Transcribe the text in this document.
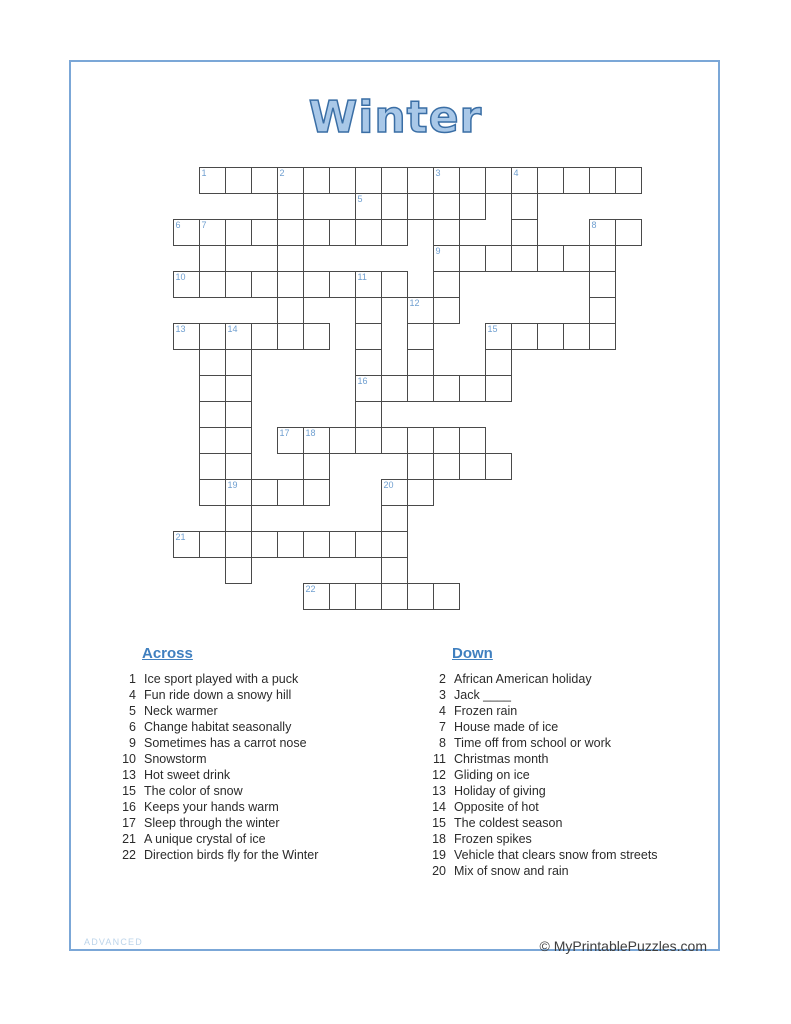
Winter

	1			2						3			4								

							5														

6	7															8					

										9											

10							11														

									12												

13		14										15									

							16														

				17	18																

		19						20													

21																					

					22																

Across
1 Ice sport played with a puck
4 Fun ride down a snowy hill
5 Neck warmer
6 Change habitat seasonally
9 Sometimes has a carrot nose
10 Snowstorm
13 Hot sweet drink
15 The color of snow
16 Keeps your hands warm
17 Sleep through the winter
21 A unique crystal of ice
22 Direction birds fly for the Winter
Down
2 African American holiday
3 Jack ____
4 Frozen rain
7 House made of ice
8 Time off from school or work
11 Christmas month
12 Gliding on ice
13 Holiday of giving
14 Opposite of hot
15 The coldest season
18 Frozen spikes
19 Vehicle that clears snow from streets
20 Mix of snow and rain
ADVANCED	© MyPrintablePuzzles.com
